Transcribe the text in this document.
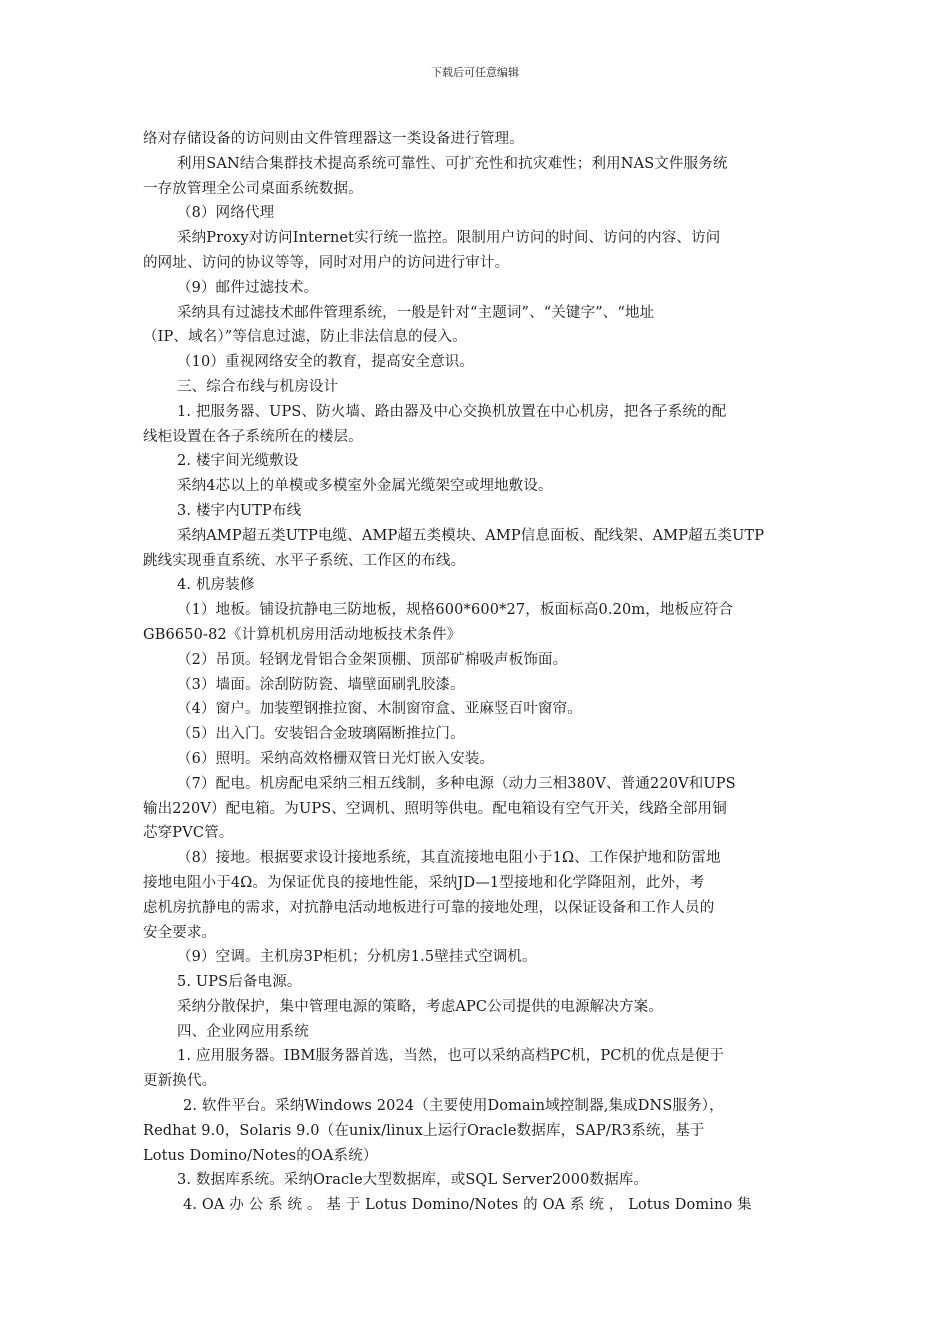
下载后可任意编辑

络对存储设备的访问则由文件管理器这一类设备进行管理。

利用SAN结合集群技术提高系统可靠性、可扩充性和抗灾难性；利用NAS文件服务统

一存放管理全公司桌面系统数据。

（8）网络代理

采纳Proxy对访问Internet实行统一监控。限制用户访问的时间、访问的内容、访问

的网址、访问的协议等等，同时对用户的访问进行审计。

（9）邮件过滤技术。

采纳具有过滤技术邮件管理系统，一般是针对“主题词”、“关键字”、“地址

（IP、域名）”等信息过滤，防止非法信息的侵入。

（10）重视网络安全的教育，提高安全意识。

三、综合布线与机房设计

1. 把服务器、UPS、防火墙、路由器及中心交换机放置在中心机房，把各子系统的配

线柜设置在各子系统所在的楼层。

2. 楼宇间光缆敷设

采纳4芯以上的单模或多模室外金属光缆架空或埋地敷设。

3. 楼宇内UTP布线

采纳AMP超五类UTP电缆、AMP超五类模块、AMP信息面板、配线架、AMP超五类UTP

跳线实现垂直系统、水平子系统、工作区的布线。

4. 机房装修

（1）地板。铺设抗静电三防地板，规格600*600*27，板面标高0.20m，地板应符合

GB6650-82《计算机机房用活动地板技术条件》

（2）吊顶。轻钢龙骨铝合金架顶棚、顶部矿棉吸声板饰面。

（3）墙面。涂刮防防瓷、墙壁面刷乳胶漆。

（4）窗户。加装塑钢推拉窗、木制窗帘盒、亚麻竖百叶窗帘。

（5）出入门。安装铝合金玻璃隔断推拉门。

（6）照明。采纳高效格栅双管日光灯嵌入安装。

（7）配电。机房配电采纳三相五线制，多种电源（动力三相380V、普通220V和UPS

输出220V）配电箱。为UPS、空调机、照明等供电。配电箱设有空气开关，线路全部用铜

芯穿PVC管。

（8）接地。根据要求设计接地系统，其直流接地电阻小于1Ω、工作保护地和防雷地

接地电阻小于4Ω。为保证优良的接地性能，采纳JD—1型接地和化学降阻剂，此外，考

虑机房抗静电的需求，对抗静电活动地板进行可靠的接地处理，以保证设备和工作人员的

安全要求。

（9）空调。主机房3P柜机；分机房1.5壁挂式空调机。

5. UPS后备电源。

采纳分散保护，集中管理电源的策略，考虑APC公司提供的电源解决方案。

四、企业网应用系统

1. 应用服务器。IBM服务器首选，当然，也可以采纳高档PC机，PC机的优点是便于

更新换代。

2. 软件平台。采纳Windows 2024（主要使用Domain域控制器,集成DNS服务），

Redhat 9.0，Solaris 9.0（在unix/linux上运行Oracle数据库，SAP/R3系统，基于

Lotus Domino/Notes的OA系统）

3. 数据库系统。采纳Oracle大型数据库，或SQL Server2000数据库。

4. OA 办 公 系 统 。 基 于 Lotus Domino/Notes 的 OA 系 统 ， Lotus Domino 集
